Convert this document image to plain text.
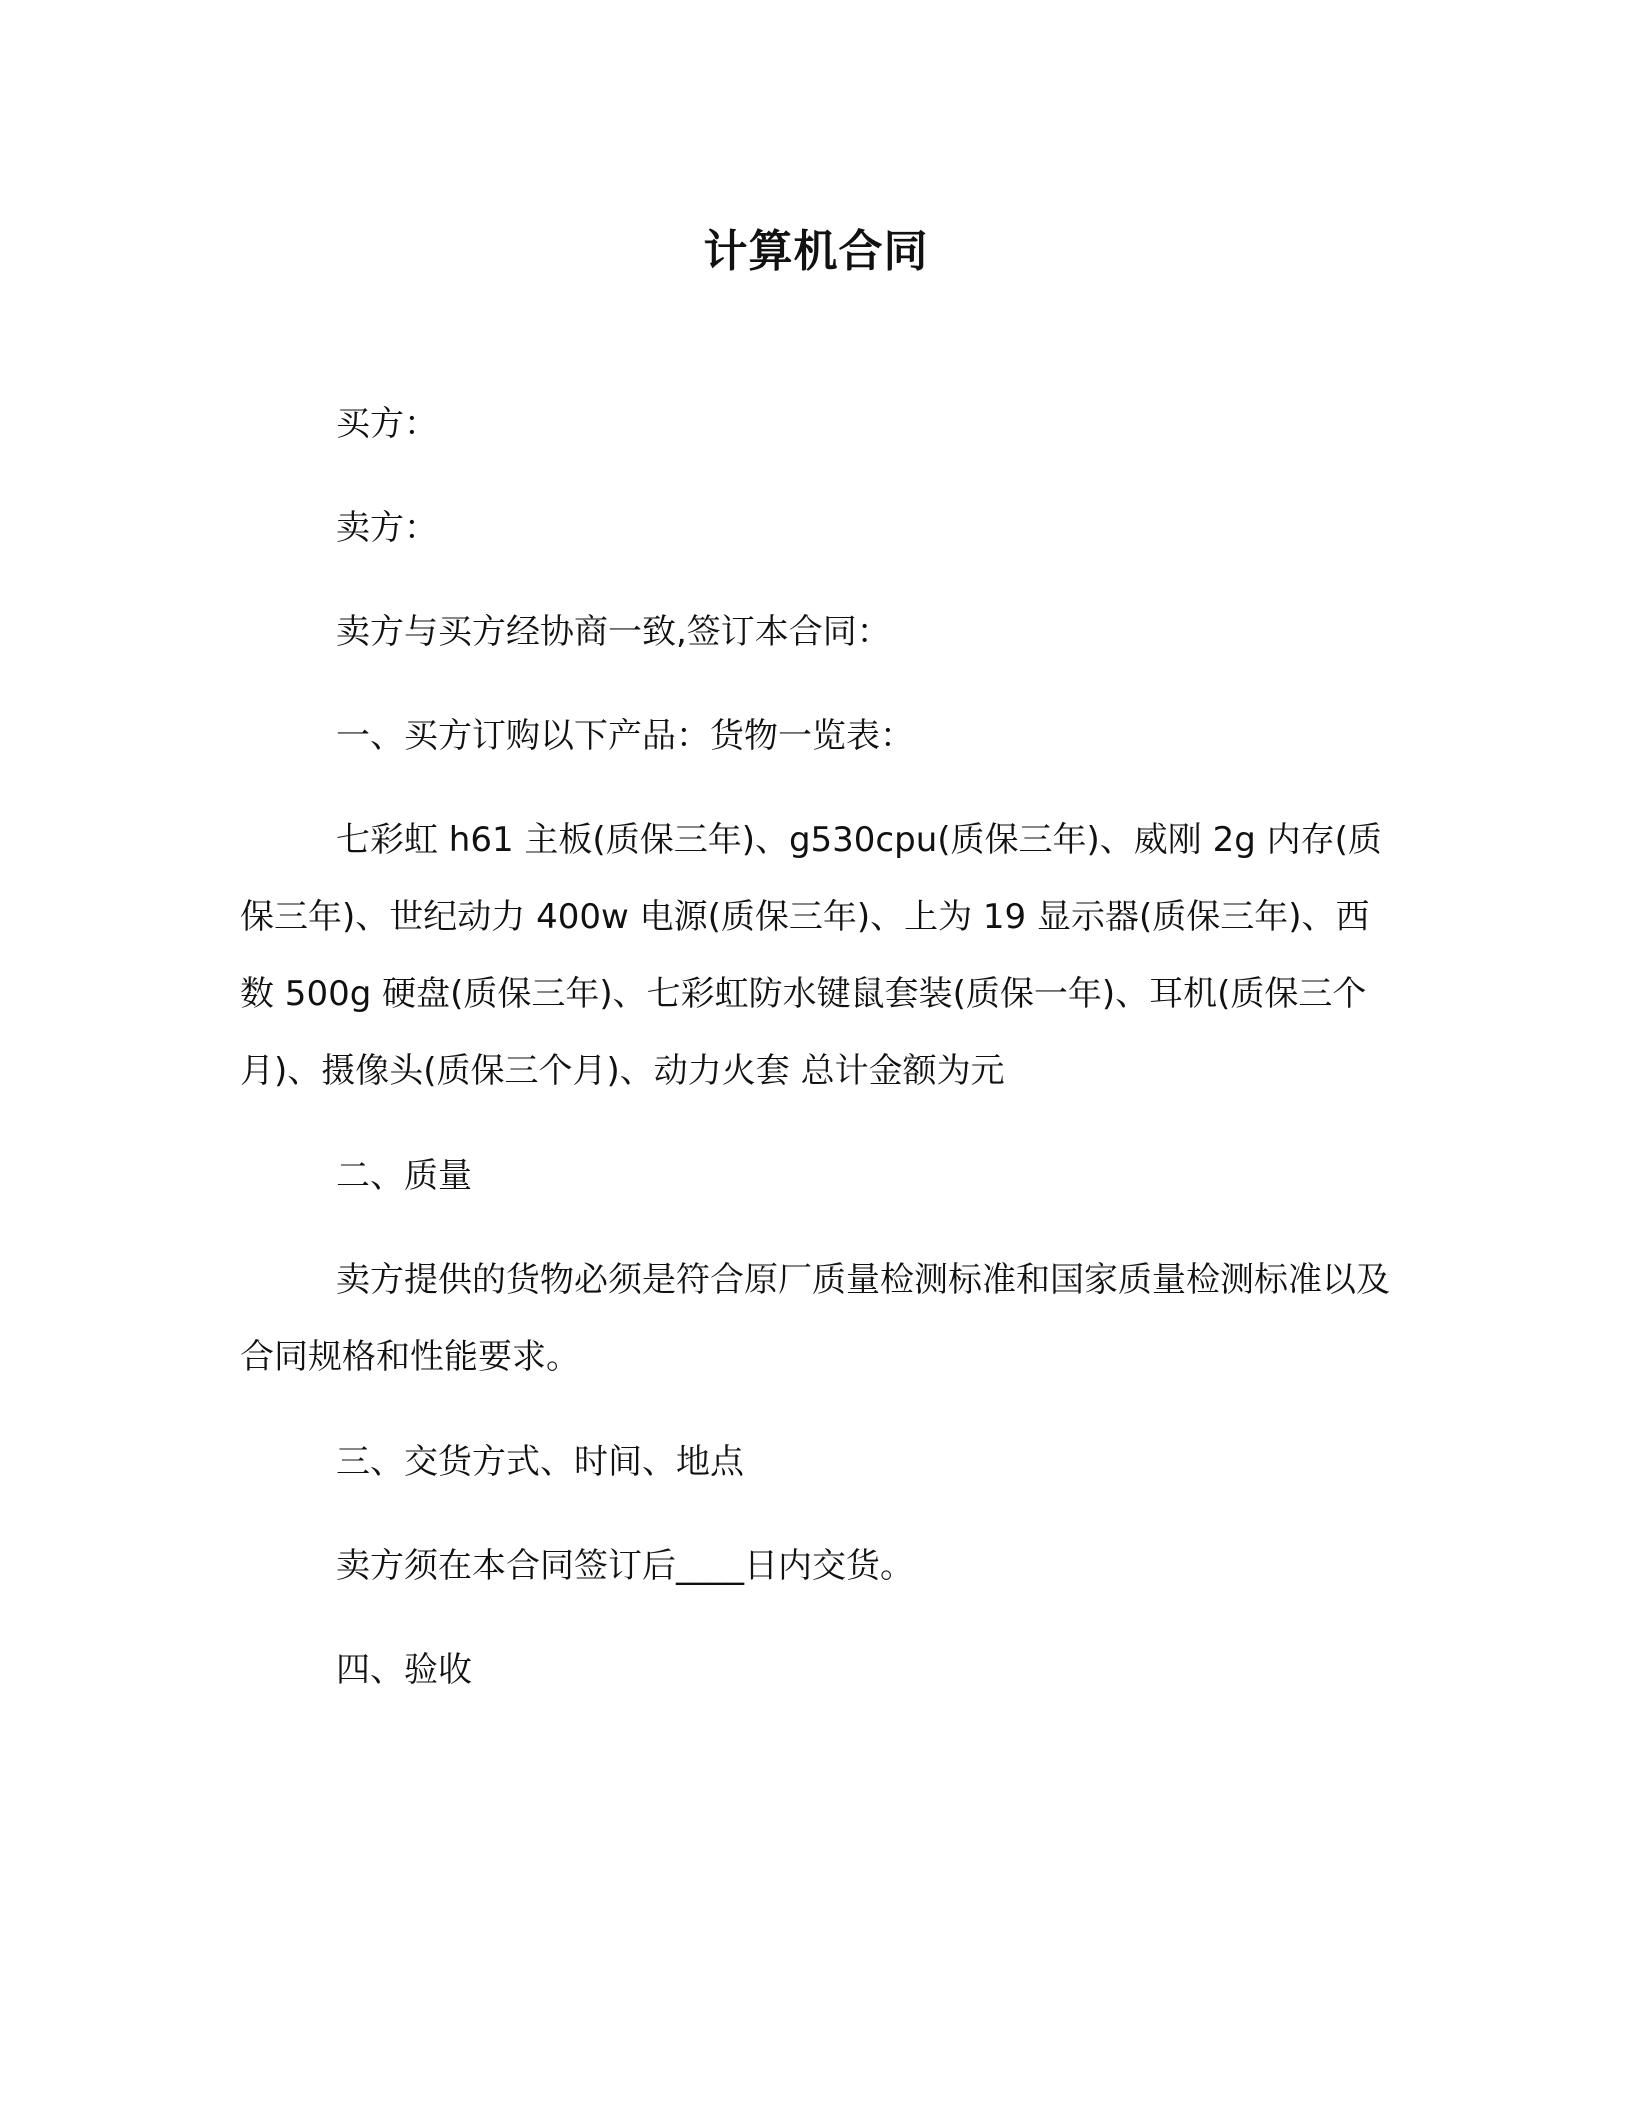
计算机合同

买方：

卖方：

卖方与买方经协商一致,签订本合同：

一、买方订购以下产品：货物一览表：

七彩虹 h61 主板(质保三年)、g530cpu(质保三年)、威刚 2g 内存(质保三年)、世纪动力 400w 电源(质保三年)、上为 19 显示器(质保三年)、西数 500g 硬盘(质保三年)、七彩虹防水键鼠套装(质保一年)、耳机(质保三个月)、摄像头(质保三个月)、动力火套 总计金额为元

二、质量

卖方提供的货物必须是符合原厂质量检测标准和国家质量检测标准以及合同规格和性能要求。

三、交货方式、时间、地点

卖方须在本合同签订后____日内交货。

四、验收
